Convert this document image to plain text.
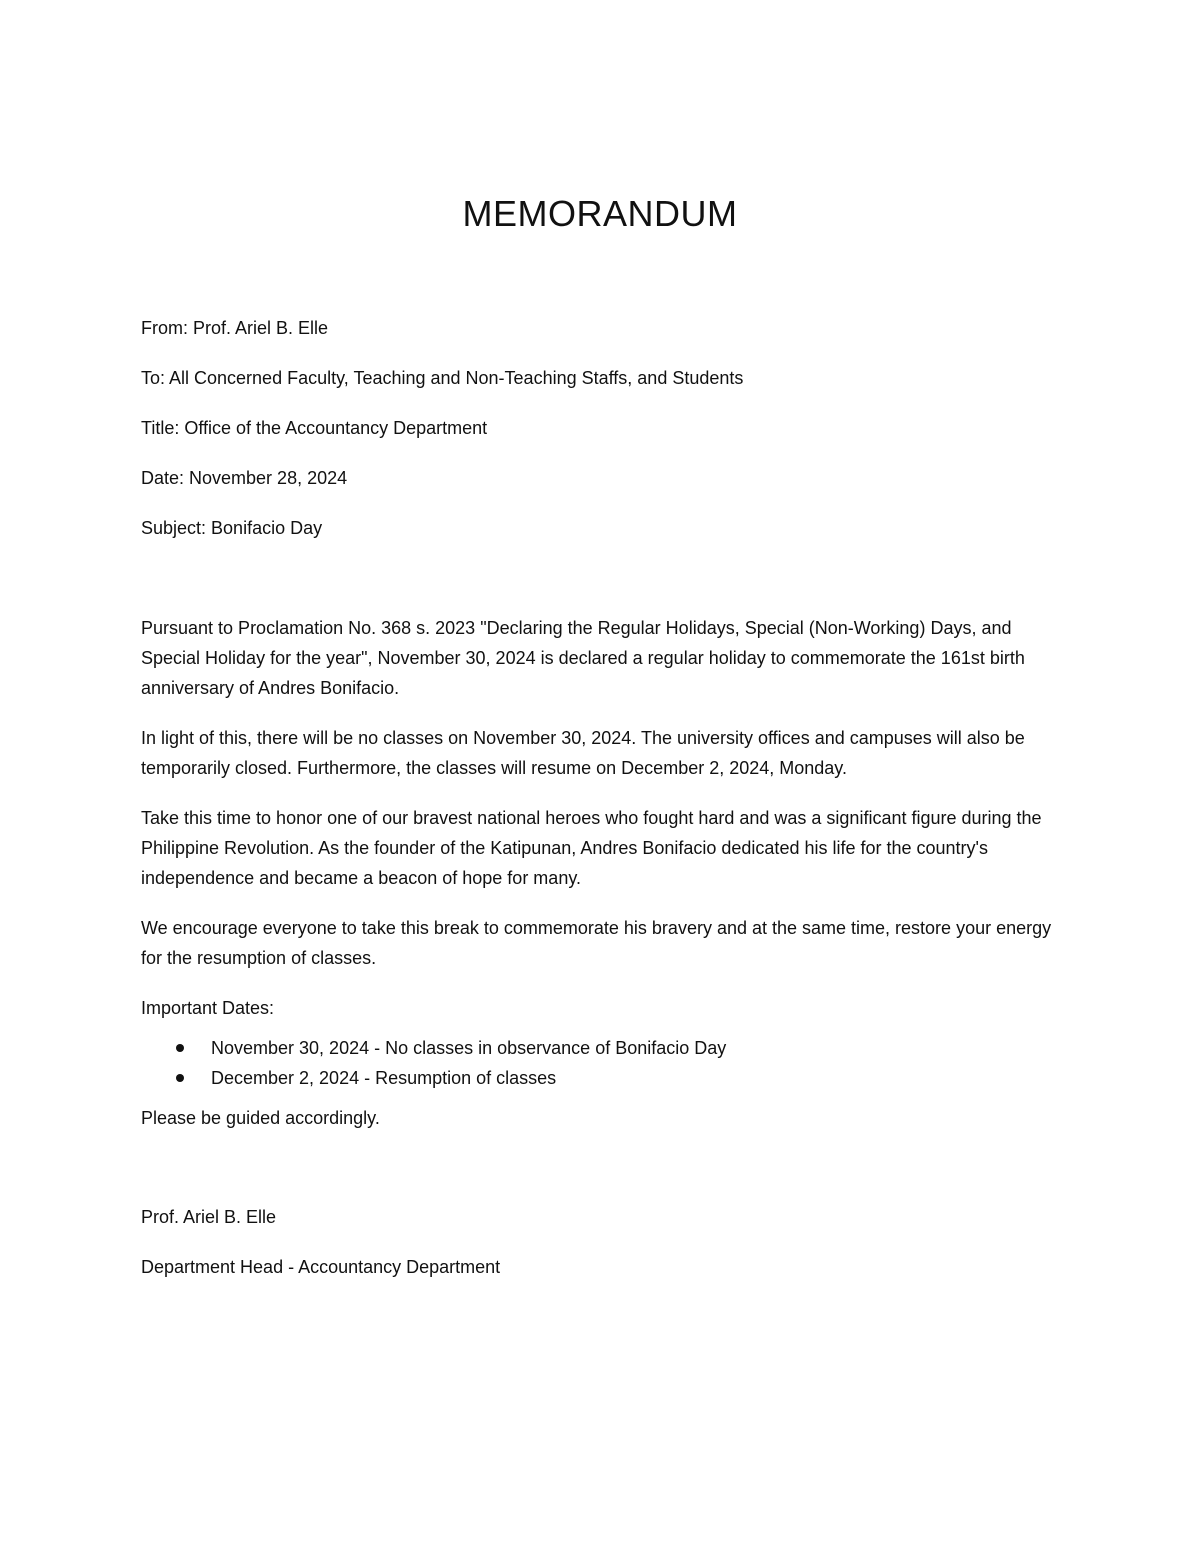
MEMORANDUM
From: Prof. Ariel B. Elle
To: All Concerned Faculty, Teaching and Non-Teaching Staffs, and Students
Title: Office of the Accountancy Department
Date: November 28, 2024
Subject: Bonifacio Day

Pursuant to Proclamation No. 368 s. 2023 "Declaring the Regular Holidays, Special (Non-Working) Days, and Special Holiday for the year", November 30, 2024 is declared a regular holiday to commemorate the 161st birth anniversary of Andres Bonifacio.

In light of this, there will be no classes on November 30, 2024. The university offices and campuses will also be temporarily closed. Furthermore, the classes will resume on December 2, 2024, Monday.

Take this time to honor one of our bravest national heroes who fought hard and was a significant figure during the Philippine Revolution. As the founder of the Katipunan, Andres Bonifacio dedicated his life for the country's independence and became a beacon of hope for many.

We encourage everyone to take this break to commemorate his bravery and at the same time, restore your energy for the resumption of classes.

Important Dates:
November 30, 2024 - No classes in observance of Bonifacio Day
December 2, 2024 - Resumption of classes

Please be guided accordingly.

Prof. Ariel B. Elle
Department Head - Accountancy Department
